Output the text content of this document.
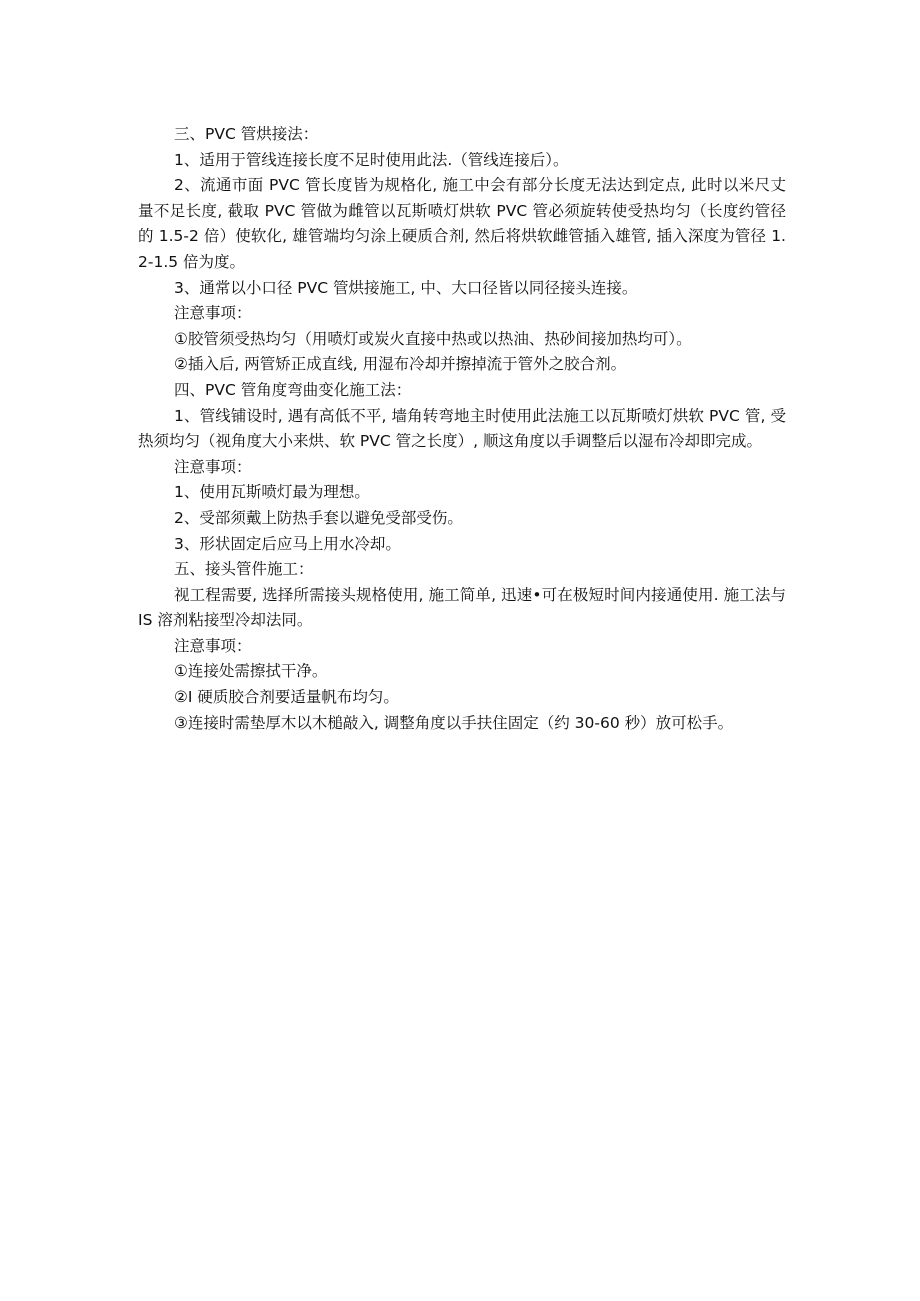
三、PVC 管烘接法：

1、适用于管线连接长度不足时使用此法.（管线连接后）。

2、流通市面 PVC 管长度皆为规格化, 施工中会有部分长度无法达到定点, 此时以米尺丈量不足长度, 截取 PVC 管做为雌管以瓦斯喷灯烘软 PVC 管必须旋转使受热均匀（长度约管径的 1.5-2 倍）使软化, 雄管端均匀涂上硬质合剂, 然后将烘软雌管插入雄管, 插入深度为管径 1.2-1.5 倍为度。

3、通常以小口径 PVC 管烘接施工, 中、大口径皆以同径接头连接。

注意事项：

①胶管须受热均匀（用喷灯或炭火直接中热或以热油、热砂间接加热均可）。

②插入后, 两管矫正成直线, 用湿布冷却并擦掉流于管外之胶合剂。

四、PVC 管角度弯曲变化施工法：

1、管线铺设时, 遇有高低不平, 墙角转弯地主时使用此法施工以瓦斯喷灯烘软 PVC 管, 受热须均匀（视角度大小来烘、软 PVC 管之长度）, 顺这角度以手调整后以湿布冷却即完成。

注意事项：

1、使用瓦斯喷灯最为理想。

2、受部须戴上防热手套以避免受部受伤。

3、形状固定后应马上用水冷却。

五、接头管件施工：

视工程需要, 选择所需接头规格使用, 施工简单, 迅速•可在极短时间内接通使用. 施工法与 IS 溶剂粘接型冷却法同。

注意事项：

①连接处需擦拭干净。

②I 硬质胶合剂要适量帆布均匀。

③连接时需垫厚木以木槌敲入, 调整角度以手扶住固定（约 30-60 秒）放可松手。
